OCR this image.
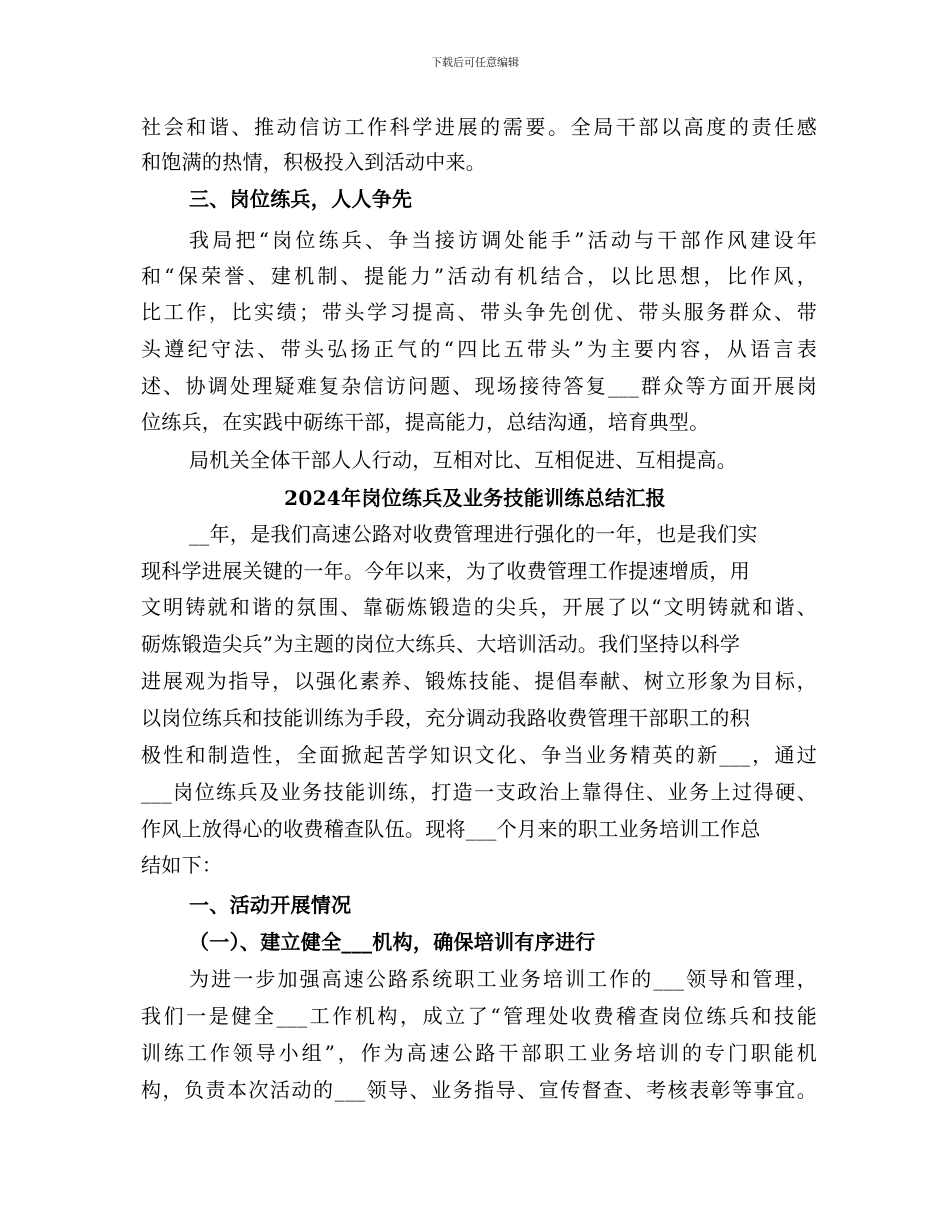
下载后可任意编辑
社会和谐、推动信访工作科学进展的需要。全局干部以高度的责任感
和饱满的热情，积极投入到活动中来。
三、岗位练兵，人人争先
我局把“岗位练兵、争当接访调处能手”活动与干部作风建设年
和“保荣誉、建机制、提能力”活动有机结合，以比思想，比作风，
比工作，比实绩；带头学习提高、带头争先创优、带头服务群众、带
头遵纪守法、带头弘扬正气的“四比五带头”为主要内容，从语言表
述、协调处理疑难复杂信访问题、现场接待答复___群众等方面开展岗
位练兵，在实践中砺练干部，提高能力，总结沟通，培育典型。
局机关全体干部人人行动，互相对比、互相促进、互相提高。
2024年岗位练兵及业务技能训练总结汇报
__年，是我们高速公路对收费管理进行强化的一年，也是我们实
现科学进展关键的一年。今年以来，为了收费管理工作提速增质，用
文明铸就和谐的氛围、靠砺炼锻造的尖兵，开展了以“文明铸就和谐、
砺炼锻造尖兵”为主题的岗位大练兵、大培训活动。我们坚持以科学
进展观为指导，以强化素养、锻炼技能、提倡奉献、树立形象为目标，
以岗位练兵和技能训练为手段，充分调动我路收费管理干部职工的积
极性和制造性，全面掀起苦学知识文化、争当业务精英的新___，通过
___岗位练兵及业务技能训练，打造一支政治上靠得住、业务上过得硬、
作风上放得心的收费稽查队伍。现将___个月来的职工业务培训工作总
结如下：
一、活动开展情况
（一）、建立健全___机构，确保培训有序进行
为进一步加强高速公路系统职工业务培训工作的___领导和管理，
我们一是健全___工作机构，成立了“管理处收费稽查岗位练兵和技能
训练工作领导小组”，作为高速公路干部职工业务培训的专门职能机
构，负责本次活动的___领导、业务指导、宣传督查、考核表彰等事宜。
